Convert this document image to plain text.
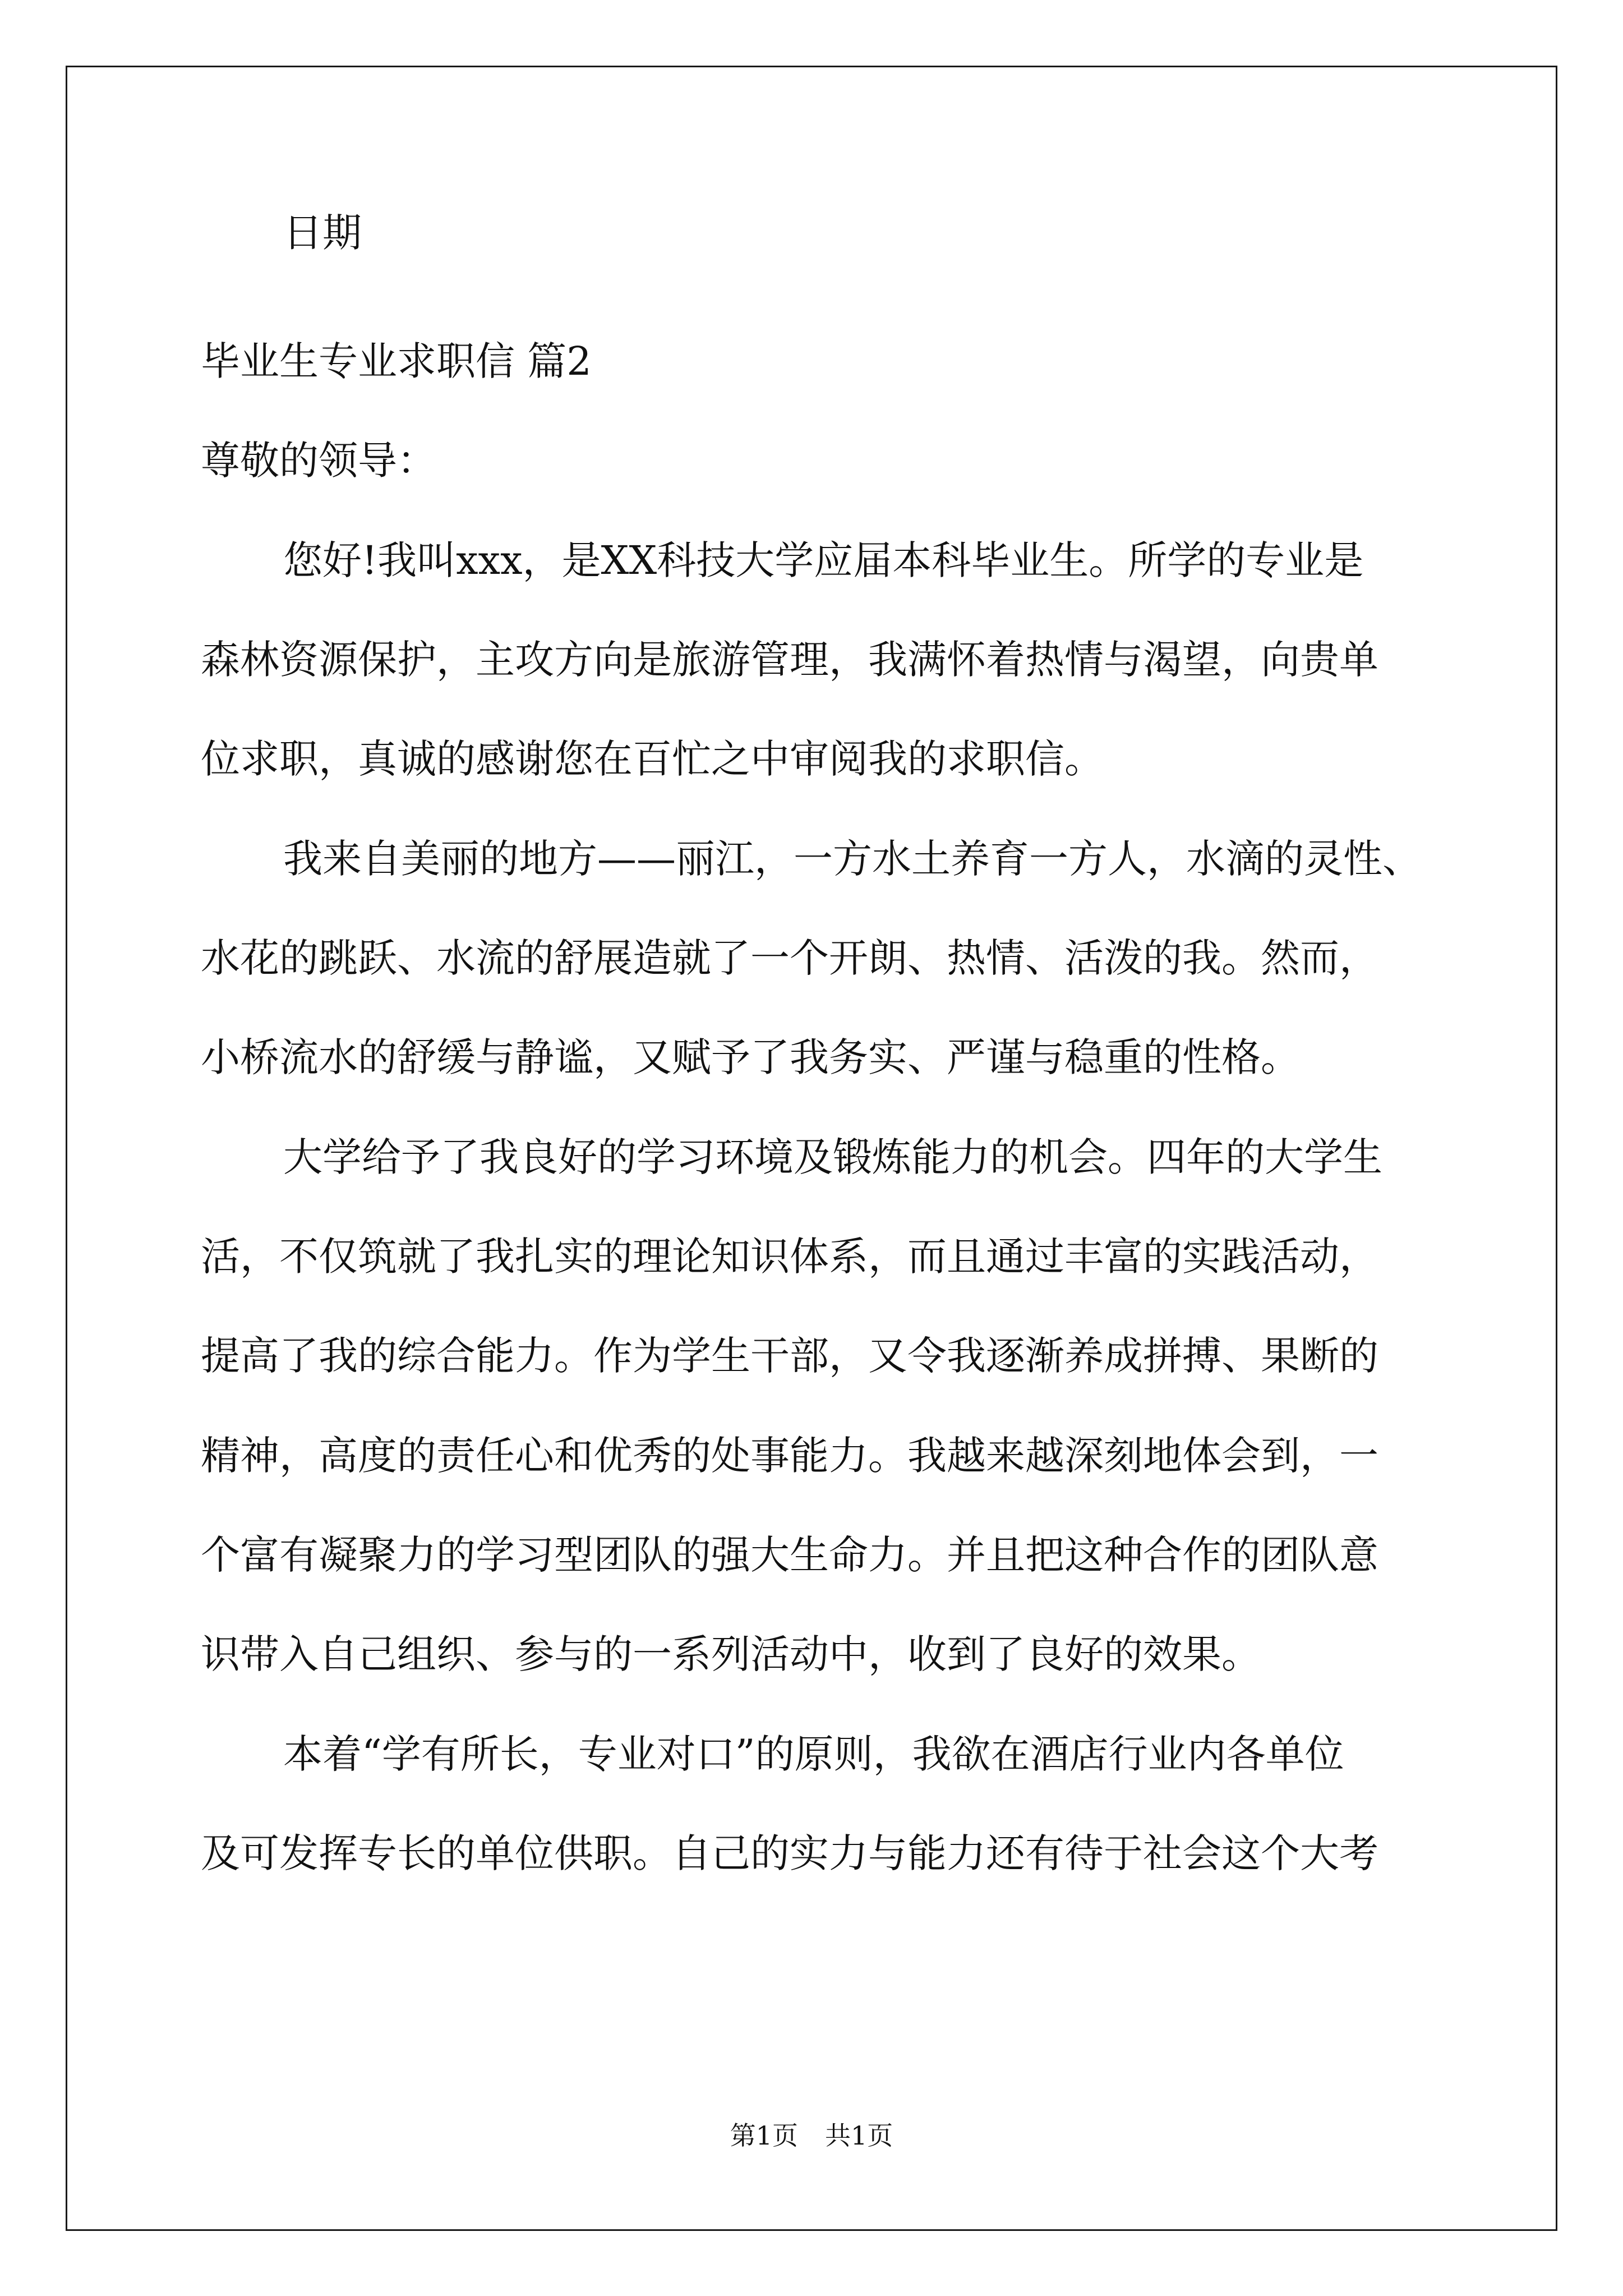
日期
毕业生专业求职信 篇2
尊敬的领导：
您好!我叫xxx，是XX科技大学应届本科毕业生。所学的专业是
森林资源保护，主攻方向是旅游管理，我满怀着热情与渴望，向贵单
位求职，真诚的感谢您在百忙之中审阅我的求职信。
我来自美丽的地方——丽江，一方水土养育一方人，水滴的灵性、
水花的跳跃、水流的舒展造就了一个开朗、热情、活泼的我。然而，
小桥流水的舒缓与静谧，又赋予了我务实、严谨与稳重的性格。
大学给予了我良好的学习环境及锻炼能力的机会。四年的大学生
活，不仅筑就了我扎实的理论知识体系，而且通过丰富的实践活动，
提高了我的综合能力。作为学生干部，又令我逐渐养成拼搏、果断的
精神，高度的责任心和优秀的处事能力。我越来越深刻地体会到，一
个富有凝聚力的学习型团队的强大生命力。并且把这种合作的团队意
识带入自己组织、参与的一系列活动中，收到了良好的效果。
本着“学有所长，专业对口”的原则，我欲在酒店行业内各单位
及可发挥专长的单位供职。自己的实力与能力还有待于社会这个大考
第1页 共1页
